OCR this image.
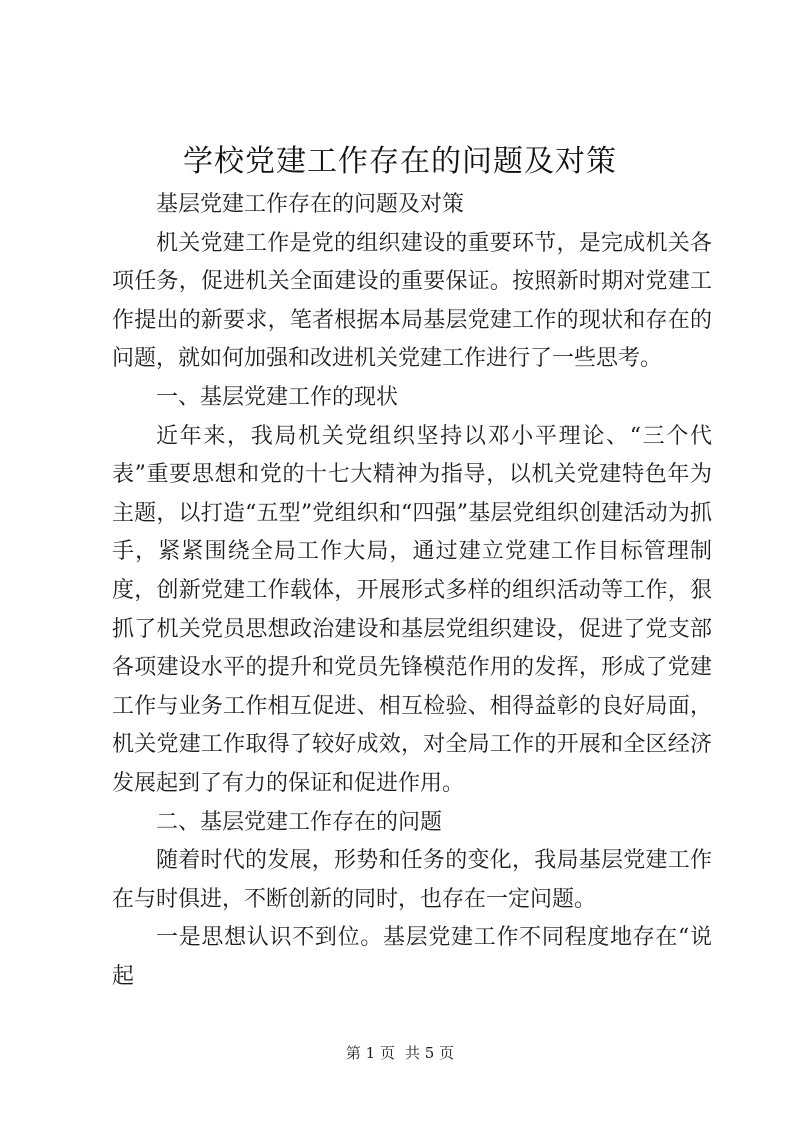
学校党建工作存在的问题及对策

基层党建工作存在的问题及对策

机关党建工作是党的组织建设的重要环节，是完成机关各项任务，促进机关全面建设的重要保证。按照新时期对党建工作提出的新要求，笔者根据本局基层党建工作的现状和存在的问题，就如何加强和改进机关党建工作进行了一些思考。

一、基层党建工作的现状

近年来，我局机关党组织坚持以邓小平理论、“三个代表”重要思想和党的十七大精神为指导，以机关党建特色年为主题，以打造“五型”党组织和“四强”基层党组织创建活动为抓手，紧紧围绕全局工作大局，通过建立党建工作目标管理制度，创新党建工作载体，开展形式多样的组织活动等工作，狠抓了机关党员思想政治建设和基层党组织建设，促进了党支部各项建设水平的提升和党员先锋模范作用的发挥，形成了党建工作与业务工作相互促进、相互检验、相得益彰的良好局面，机关党建工作取得了较好成效，对全局工作的开展和全区经济发展起到了有力的保证和促进作用。

二、基层党建工作存在的问题

随着时代的发展，形势和任务的变化，我局基层党建工作在与时俱进，不断创新的同时，也存在一定问题。

一是思想认识不到位。基层党建工作不同程度地存在“说起

第 1 页 共 5 页
